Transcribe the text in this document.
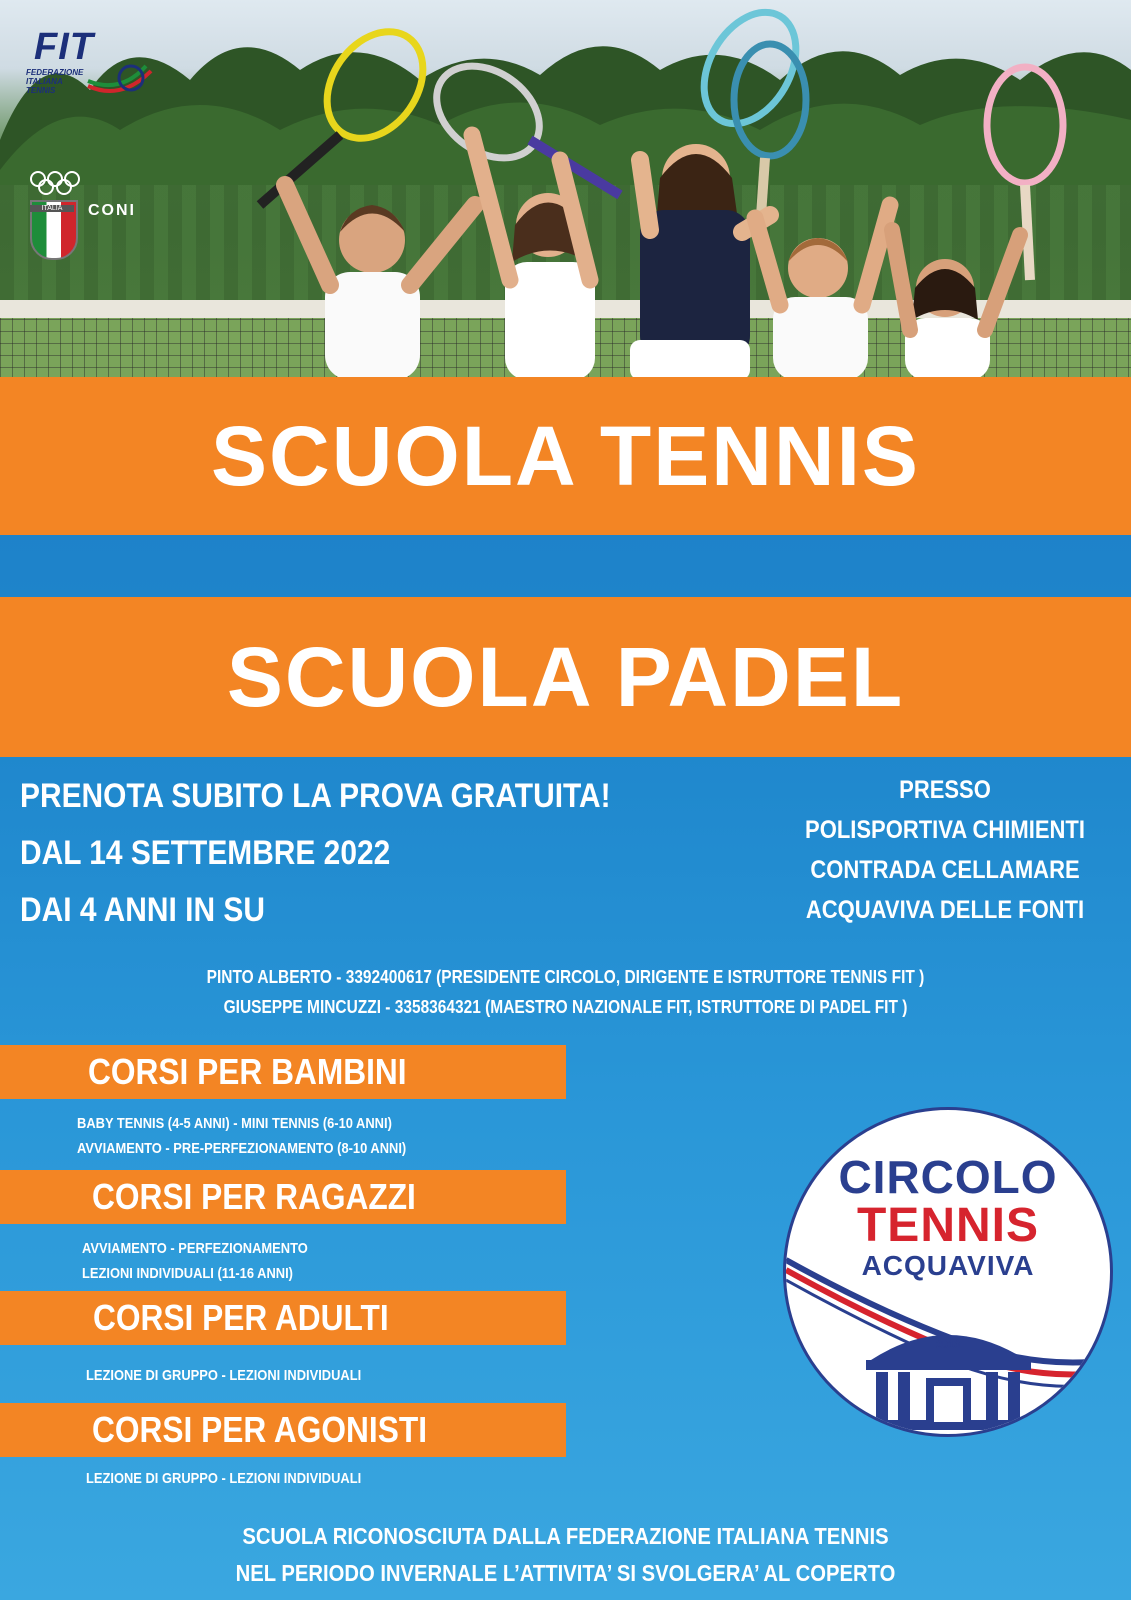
FIT
FEDERAZIONE
ITALIANA
TENNIS
ITALIA	CONI
SCUOLA TENNIS
SCUOLA PADEL
PRENOTA SUBITO LA PROVA GRATUITA!
DAL 14 SETTEMBRE 2022
DAI 4 ANNI IN SU
PRESSO
POLISPORTIVA CHIMIENTI
CONTRADA CELLAMARE
ACQUAVIVA DELLE FONTI
PINTO ALBERTO - 3392400617 (PRESIDENTE CIRCOLO, DIRIGENTE E ISTRUTTORE TENNIS FIT )
GIUSEPPE MINCUZZI - 3358364321 (MAESTRO NAZIONALE FIT, ISTRUTTORE DI PADEL FIT )
CORSI PER BAMBINI
BABY TENNIS (4-5 ANNI) - MINI TENNIS (6-10 ANNI)
AVVIAMENTO - PRE-PERFEZIONAMENTO (8-10 ANNI)
CORSI PER RAGAZZI
AVVIAMENTO - PERFEZIONAMENTO
LEZIONI INDIVIDUALI (11-16 ANNI)
CORSI PER ADULTI
LEZIONE DI GRUPPO - LEZIONI INDIVIDUALI
CORSI PER AGONISTI
LEZIONE DI GRUPPO - LEZIONI INDIVIDUALI
CIRCOLO
TENNIS
ACQUAVIVA
2013
SCUOLA RICONOSCIUTA DALLA FEDERAZIONE ITALIANA TENNIS
NEL PERIODO INVERNALE L’ATTIVITA’ SI SVOLGERA’ AL COPERTO
